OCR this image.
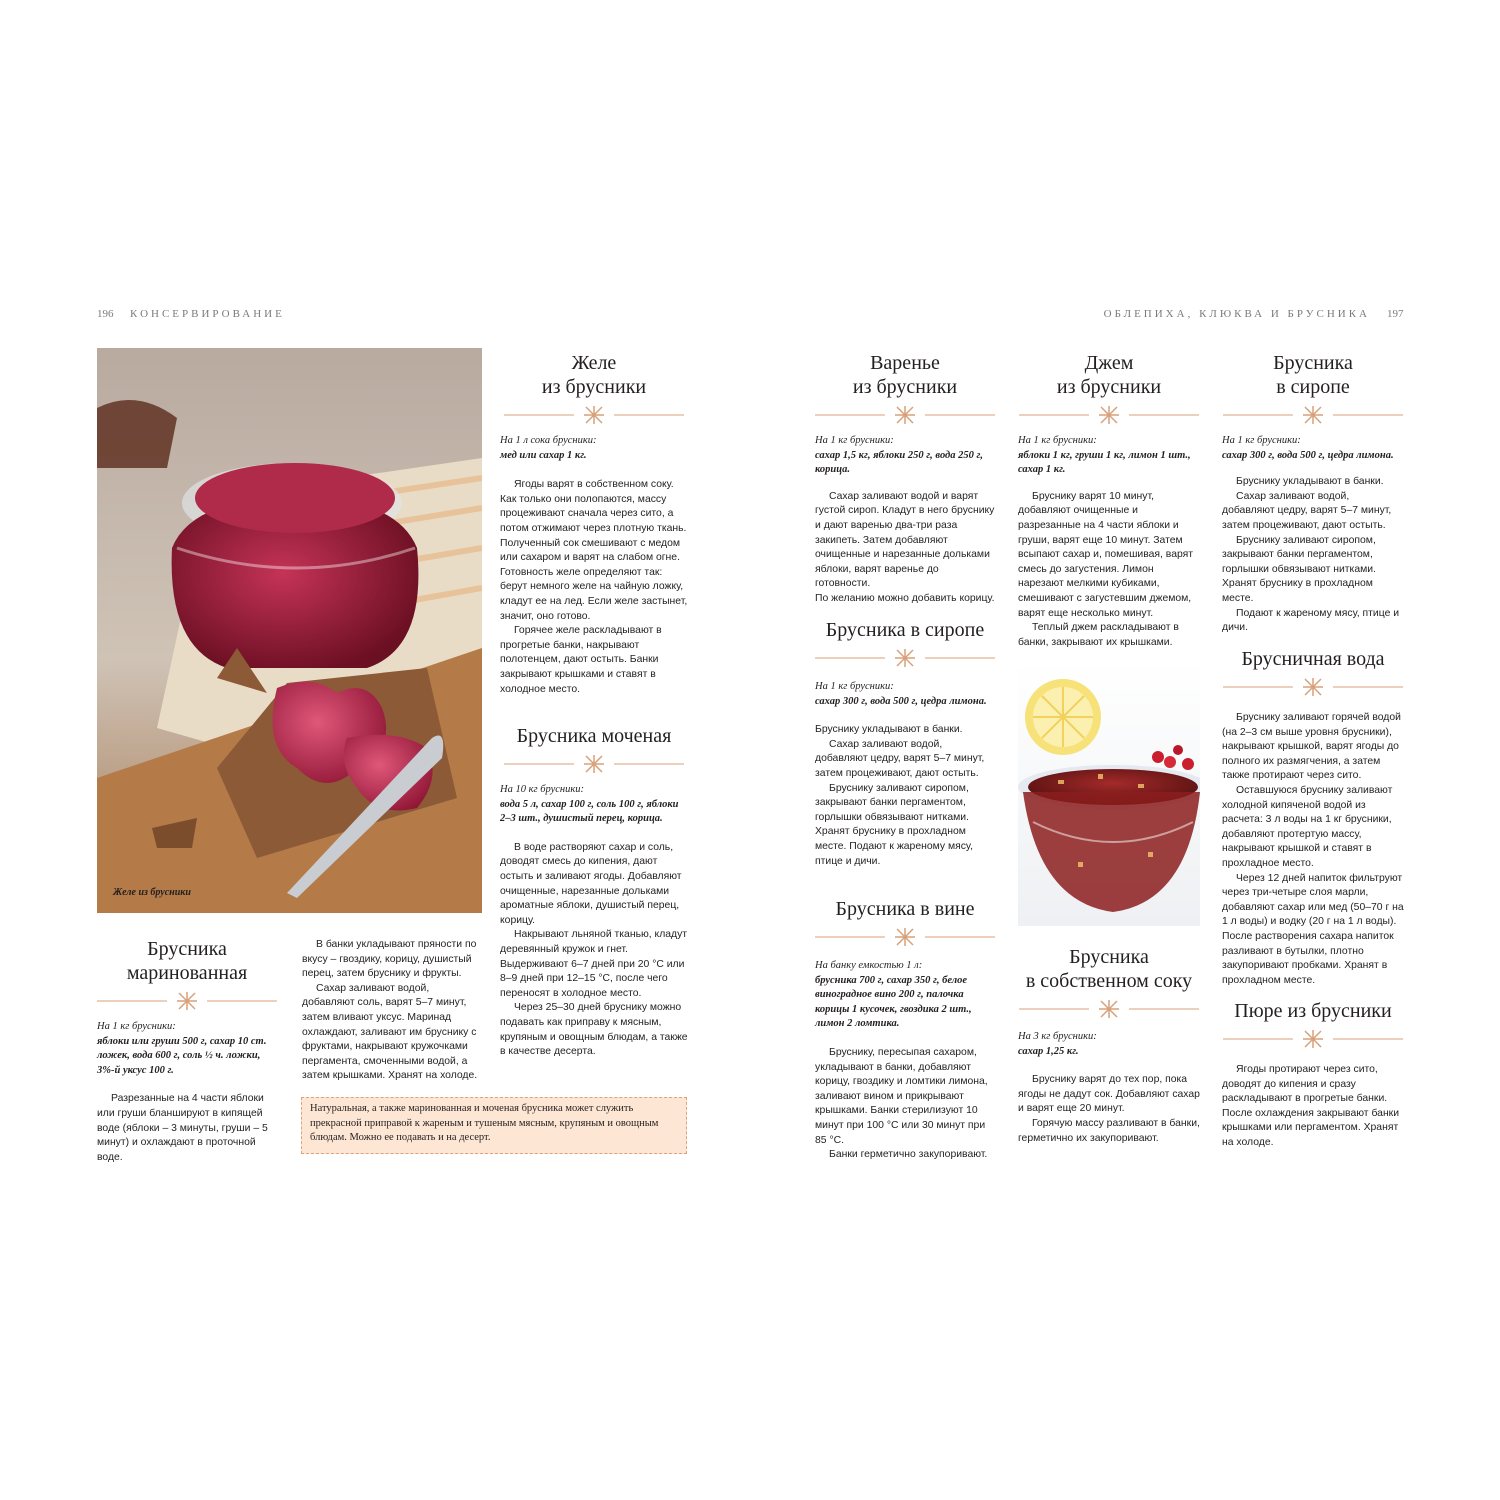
196 КОНСЕРВИРОВАНИЕ	ОБЛЕПИХА, КЛЮКВА И БРУСНИКА 197
Желе из брусники
Желе
из брусники

На 1 л сока брусники:
мед или сахар 1 кг.

Ягоды варят в собственном соку. Как только они полопаются, массу процеживают сначала через сито, а потом отжимают через плотную ткань. Полученный сок смешивают с медом или сахаром и варят на слабом огне. Готовность желе определяют так: берут немного желе на чайную ложку, кладут ее на лед. Если желе застынет, значит, оно готово.

Горячее желе раскладывают в прогретые банки, накрывают полотенцем, дают остыть. Банки закрывают крышками и ставят в холодное место.

Брусника моченая

На 10 кг брусники:
вода 5 л, сахар 100 г, соль 100 г, яблоки 2–3 шт., душистый перец, корица.

В воде растворяют сахар и соль, доводят смесь до кипения, дают остыть и заливают ягоды. Добавляют очищенные, нарезанные дольками ароматные яблоки, душистый перец, корицу.

Накрывают льняной тканью, кладут деревянный кружок и гнет. Выдерживают 6–7 дней при 20 °С или 8–9 дней при 12–15 °С, после чего переносят в холодное место.

Через 25–30 дней бруснику можно подавать как приправу к мясным, крупяным и овощным блюдам, а также в качестве десерта.

Брусника
маринованная

На 1 кг брусники:
яблоки или груши 500 г, сахар 10 ст. ложек, вода 600 г, соль ½ ч. ложки, 3%-й уксус 100 г.

Разрезанные на 4 части яблоки или груши бланшируют в кипящей воде (яблоки – 3 минуты, груши – 5 минут) и охлаждают в проточной воде.

В банки укладывают пряности по вкусу – гвоздику, корицу, душистый перец, затем бруснику и фрукты.

Сахар заливают водой, добавляют соль, варят 5–7 минут, затем вливают уксус. Маринад охлаждают, заливают им бруснику с фруктами, накрывают кружочками пергамента, смоченными водой, а затем крышками. Хранят на холоде.

Натуральная, а также маринованная и моченая брусника может служить прекрасной приправой к жареным и тушеным мясным, крупяным и овощным блюдам. Можно ее подавать и на десерт.
Варенье
из брусники

На 1 кг брусники:
сахар 1,5 кг, яблоки 250 г, вода 250 г, корица.

Сахар заливают водой и варят густой сироп. Кладут в него бруснику и дают варенью два-три раза закипеть. Затем добавляют очищенные и нарезанные дольками яблоки, варят варенье до готовности.

По желанию можно добавить корицу.

Брусника в сиропе

На 1 кг брусники:
сахар 300 г, вода 500 г, цедра лимона.

Бруснику укладывают в банки.

Сахар заливают водой, добавляют цедру, варят 5–7 минут, затем процеживают, дают остыть.

Бруснику заливают сиропом, закрывают банки пергаментом, горлышки обвязывают нитками. Хранят бруснику в прохладном месте. Подают к жареному мясу, птице и дичи.

Брусника в вине

На банку емкостью 1 л:
брусника 700 г, сахар 350 г, белое виноградное вино 200 г, палочка корицы 1 кусочек, гвоздика 2 шт., лимон 2 ломтика.

Бруснику, пересыпая сахаром, укладывают в банки, добавляют корицу, гвоздику и ломтики лимона, заливают вином и прикрывают крышками. Банки стерилизуют 10 минут при 100 °С или 30 минут при 85 °С.

Банки герметично закупоривают.

Джем
из брусники

На 1 кг брусники:
яблоки 1 кг, груши 1 кг, лимон 1 шт., сахар 1 кг.

Бруснику варят 10 минут, добавляют очищенные и разрезанные на 4 части яблоки и груши, варят еще 10 минут. Затем всыпают сахар и, помешивая, варят смесь до загустения. Лимон нарезают мелкими кубиками, смешивают с загустевшим джемом, варят еще несколько минут.

Теплый джем раскладывают в банки, закрывают их крышками.

Брусника
в собственном соку

На 3 кг брусники:
сахар 1,25 кг.

Бруснику варят до тех пор, пока ягоды не дадут сок. Добавляют сахар и варят еще 20 минут.

Горячую массу разливают в банки, герметично их закупоривают.

Брусника
в сиропе

На 1 кг брусники:
сахар 300 г, вода 500 г, цедра лимона.

Бруснику укладывают в банки.

Сахар заливают водой, добавляют цедру, варят 5–7 минут, затем процеживают, дают остыть.

Бруснику заливают сиропом, закрывают банки пергаментом, горлышки обвязывают нитками. Хранят бруснику в прохладном месте.

Подают к жареному мясу, птице и дичи.

Брусничная вода

Бруснику заливают горячей водой (на 2–3 см выше уровня брусники), накрывают крышкой, варят ягоды до полного их размягчения, а затем также протирают через сито.

Оставшуюся бруснику заливают холодной кипяченой водой из расчета: 3 л воды на 1 кг брусники, добавляют протертую массу, накрывают крышкой и ставят в прохладное место.

Через 12 дней напиток фильтруют через три-четыре слоя марли, добавляют сахар или мед (50–70 г на 1 л воды) и водку (20 г на 1 л воды). После растворения сахара напиток разливают в бутылки, плотно закупоривают пробками. Хранят в прохладном месте.

Пюре из брусники

Ягоды протирают через сито, доводят до кипения и сразу раскладывают в прогретые банки. После охлаждения закрывают банки крышками или пергаментом. Хранят на холоде.
